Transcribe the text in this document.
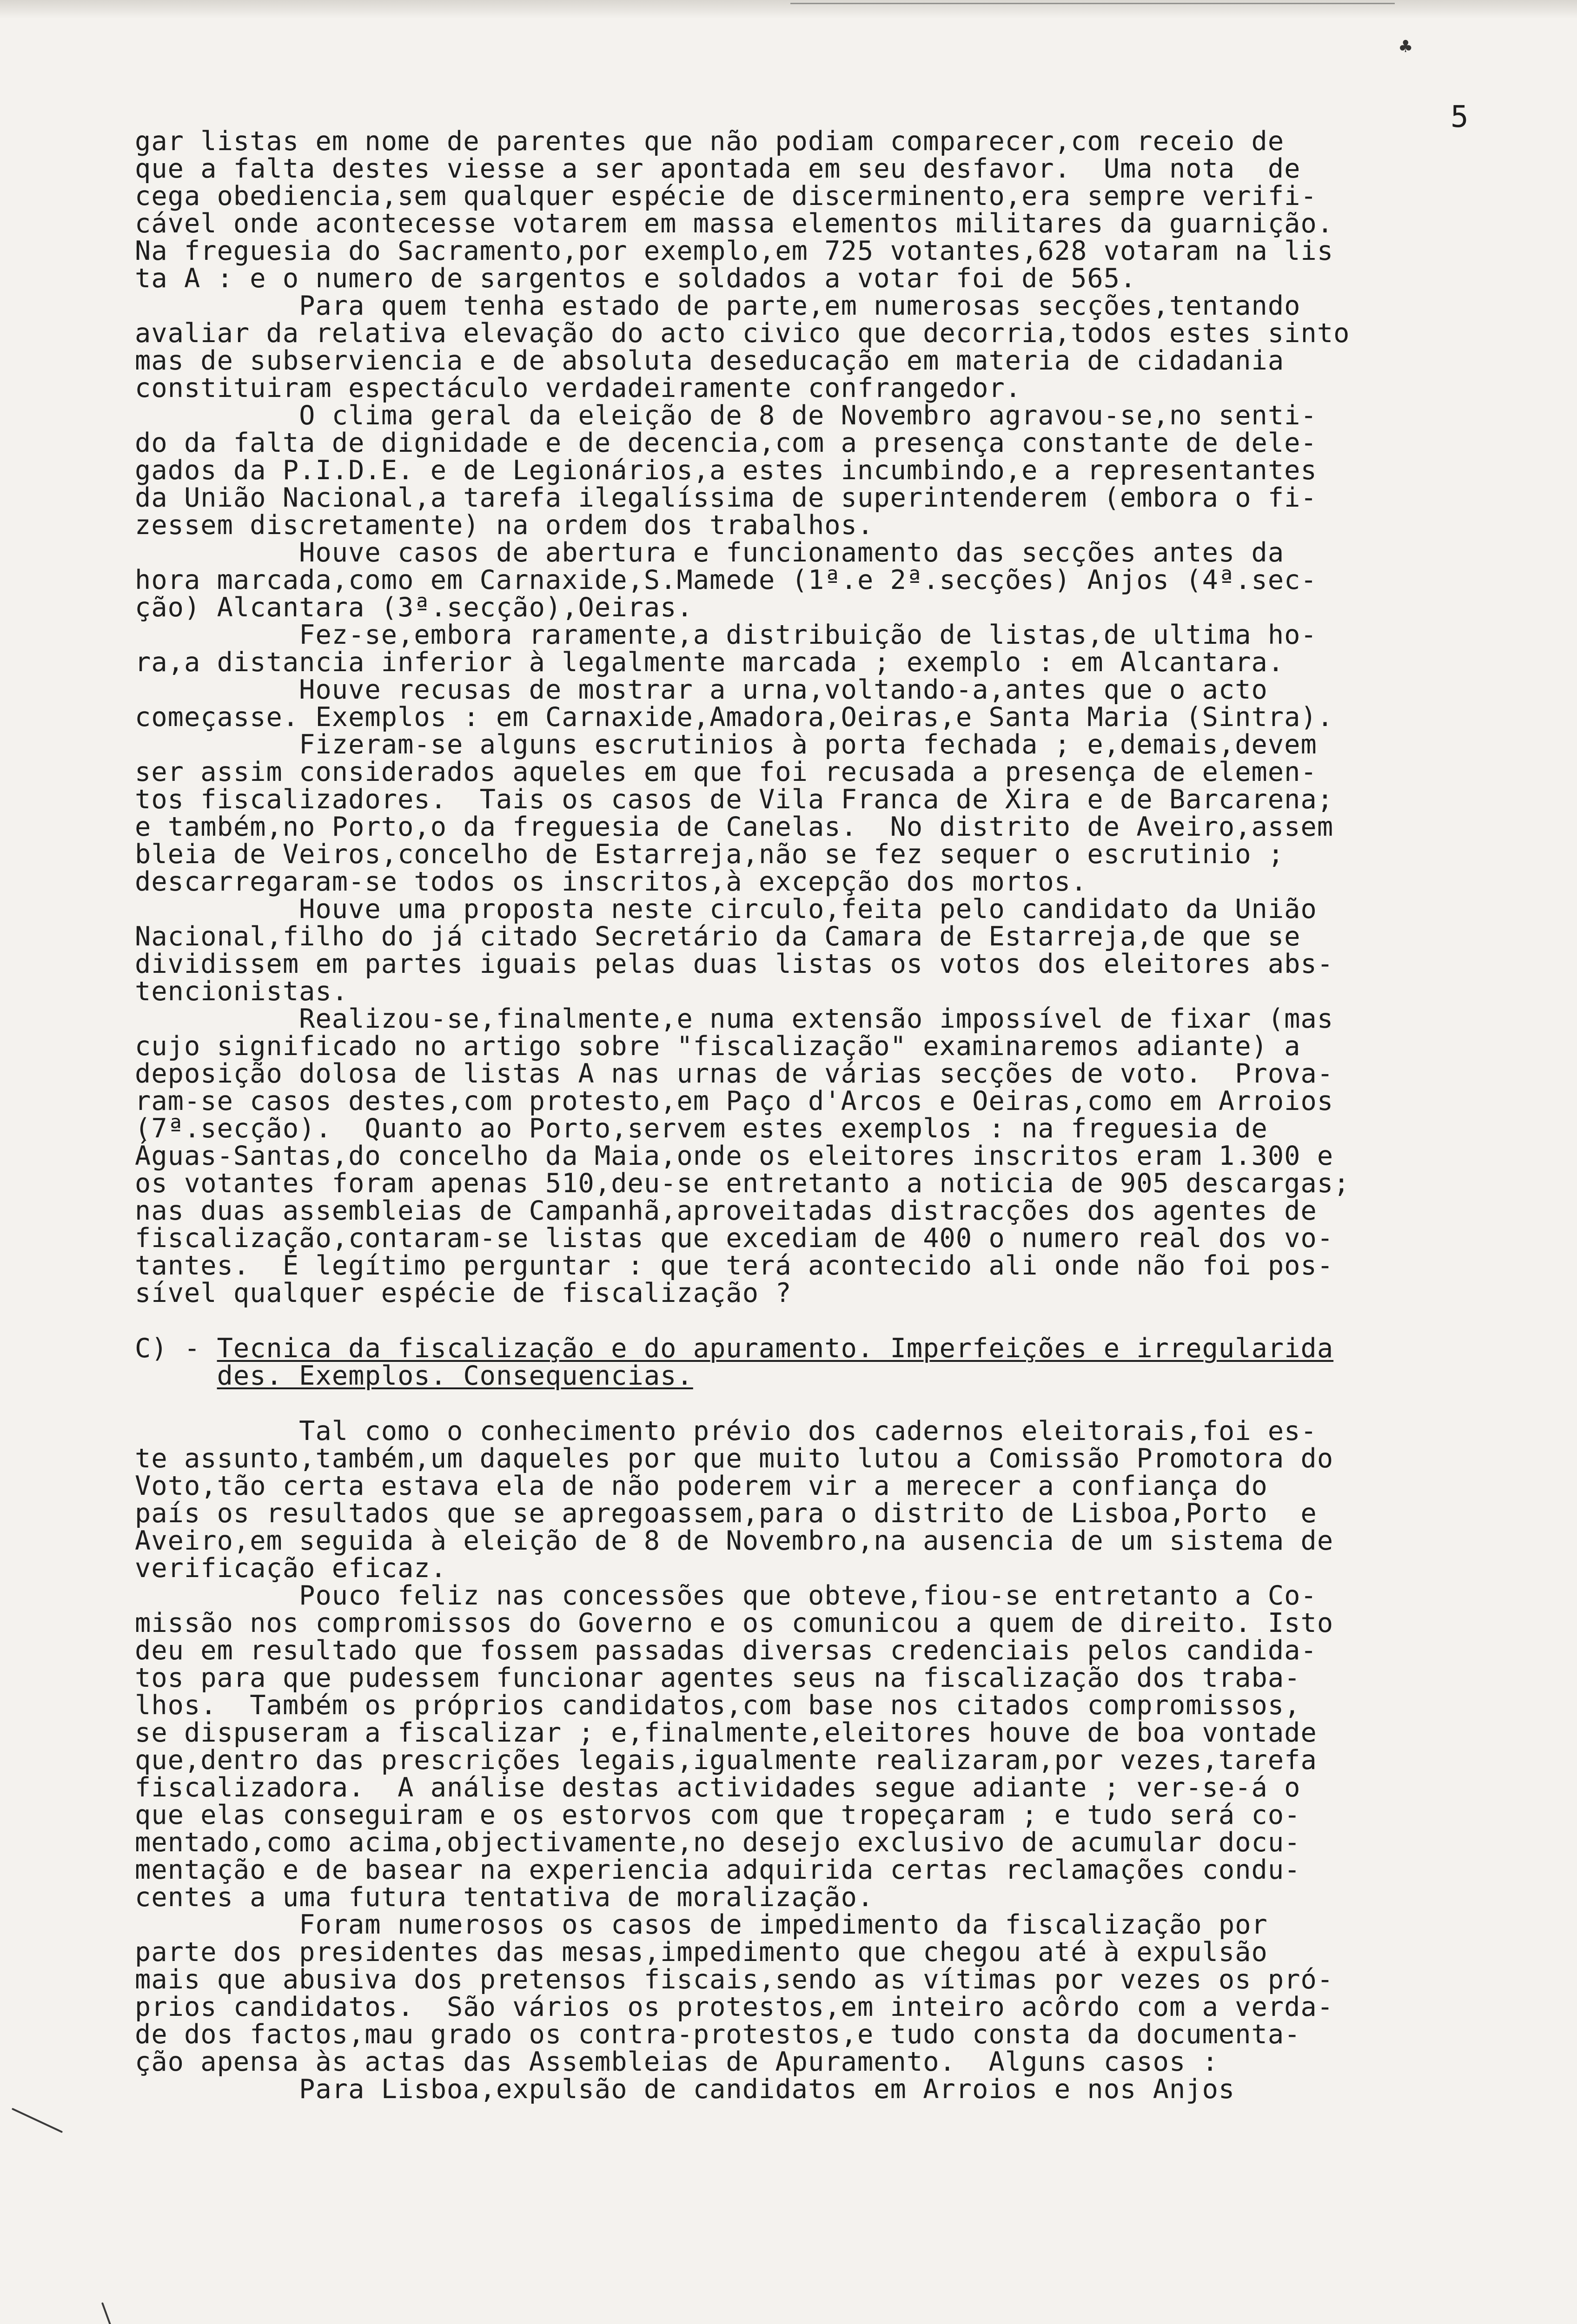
♣
5
gar listas em nome de parentes que não podiam comparecer,com receio de
que a falta destes viesse a ser apontada em seu desfavor.  Uma nota  de
cega obediencia,sem qualquer espécie de discerminento,era sempre verifi-
cável onde acontecesse votarem em massa elementos militares da guarnição.
Na freguesia do Sacramento,por exemplo,em 725 votantes,628 votaram na lis
ta A : e o numero de sargentos e soldados a votar foi de 565.
Para quem tenha estado de parte,em numerosas secções,tentando
avaliar da relativa elevação do acto civico que decorria,todos estes sinto
mas de subserviencia e de absoluta deseducação em materia de cidadania
constituiram espectáculo verdadeiramente confrangedor.
O clima geral da eleição de 8 de Novembro agravou-se,no senti-
do da falta de dignidade e de decencia,com a presença constante de dele-
gados da P.I.D.E. e de Legionários,a estes incumbindo,e a representantes
da União Nacional,a tarefa ilegalíssima de superintenderem (embora o fi-
zessem discretamente) na ordem dos trabalhos.
Houve casos de abertura e funcionamento das secções antes da
hora marcada,como em Carnaxide,S.Mamede (1ª.e 2ª.secções) Anjos (4ª.sec-
ção) Alcantara (3ª.secção),Oeiras.
Fez-se,embora raramente,a distribuição de listas,de ultima ho-
ra,a distancia inferior à legalmente marcada ; exemplo : em Alcantara.
Houve recusas de mostrar a urna,voltando-a,antes que o acto
começasse. Exemplos : em Carnaxide,Amadora,Oeiras,e Santa Maria (Sintra).
Fizeram-se alguns escrutinios à porta fechada ; e,demais,devem
ser assim considerados aqueles em que foi recusada a presença de elemen-
tos fiscalizadores.  Tais os casos de Vila Franca de Xira e de Barcarena;
e também,no Porto,o da freguesia de Canelas.  No distrito de Aveiro,assem
bleia de Veiros,concelho de Estarreja,não se fez sequer o escrutinio ;
descarregaram-se todos os inscritos,à excepção dos mortos.
Houve uma proposta neste circulo,feita pelo candidato da União
Nacional,filho do já citado Secretário da Camara de Estarreja,de que se
dividissem em partes iguais pelas duas listas os votos dos eleitores abs-
tencionistas.
Realizou-se,finalmente,e numa extensão impossível de fixar (mas
cujo significado no artigo sobre "fiscalização" examinaremos adiante) a
deposição dolosa de listas A nas urnas de várias secções de voto.  Prova-
ram-se casos destes,com protesto,em Paço d'Arcos e Oeiras,como em Arroios
(7ª.secção).  Quanto ao Porto,servem estes exemplos : na freguesia de
Águas-Santas,do concelho da Maia,onde os eleitores inscritos eram 1.300 e
os votantes foram apenas 510,deu-se entretanto a noticia de 905 descargas;
nas duas assembleias de Campanhã,aproveitadas distracções dos agentes de
fiscalização,contaram-se listas que excediam de 400 o numero real dos vo-
tantes.  É legítimo perguntar : que terá acontecido ali onde não foi pos-
sível qualquer espécie de fiscalização ?
C) - Tecnica da fiscalização e do apuramento. Imperfeições e irregularida
des. Exemplos. Consequencias.
Tal como o conhecimento prévio dos cadernos eleitorais,foi es-
te assunto,também,um daqueles por que muito lutou a Comissão Promotora do
Voto,tão certa estava ela de não poderem vir a merecer a confiança do
país os resultados que se apregoassem,para o distrito de Lisboa,Porto  e
Aveiro,em seguida à eleição de 8 de Novembro,na ausencia de um sistema de
verificação eficaz.
Pouco feliz nas concessões que obteve,fiou-se entretanto a Co-
missão nos compromissos do Governo e os comunicou a quem de direito. Isto
deu em resultado que fossem passadas diversas credenciais pelos candida-
tos para que pudessem funcionar agentes seus na fiscalização dos traba-
lhos.  Também os próprios candidatos,com base nos citados compromissos,
se dispuseram a fiscalizar ; e,finalmente,eleitores houve de boa vontade
que,dentro das prescrições legais,igualmente realizaram,por vezes,tarefa
fiscalizadora.  A análise destas actividades segue adiante ; ver-se-á o
que elas conseguiram e os estorvos com que tropeçaram ; e tudo será co-
mentado,como acima,objectivamente,no desejo exclusivo de acumular docu-
mentação e de basear na experiencia adquirida certas reclamações condu-
centes a uma futura tentativa de moralização.
Foram numerosos os casos de impedimento da fiscalização por
parte dos presidentes das mesas,impedimento que chegou até à expulsão
mais que abusiva dos pretensos fiscais,sendo as vítimas por vezes os pró-
prios candidatos.  São vários os protestos,em inteiro acôrdo com a verda-
de dos factos,mau grado os contra-protestos,e tudo consta da documenta-
ção apensa às actas das Assembleias de Apuramento.  Alguns casos :
Para Lisboa,expulsão de candidatos em Arroios e nos Anjos
